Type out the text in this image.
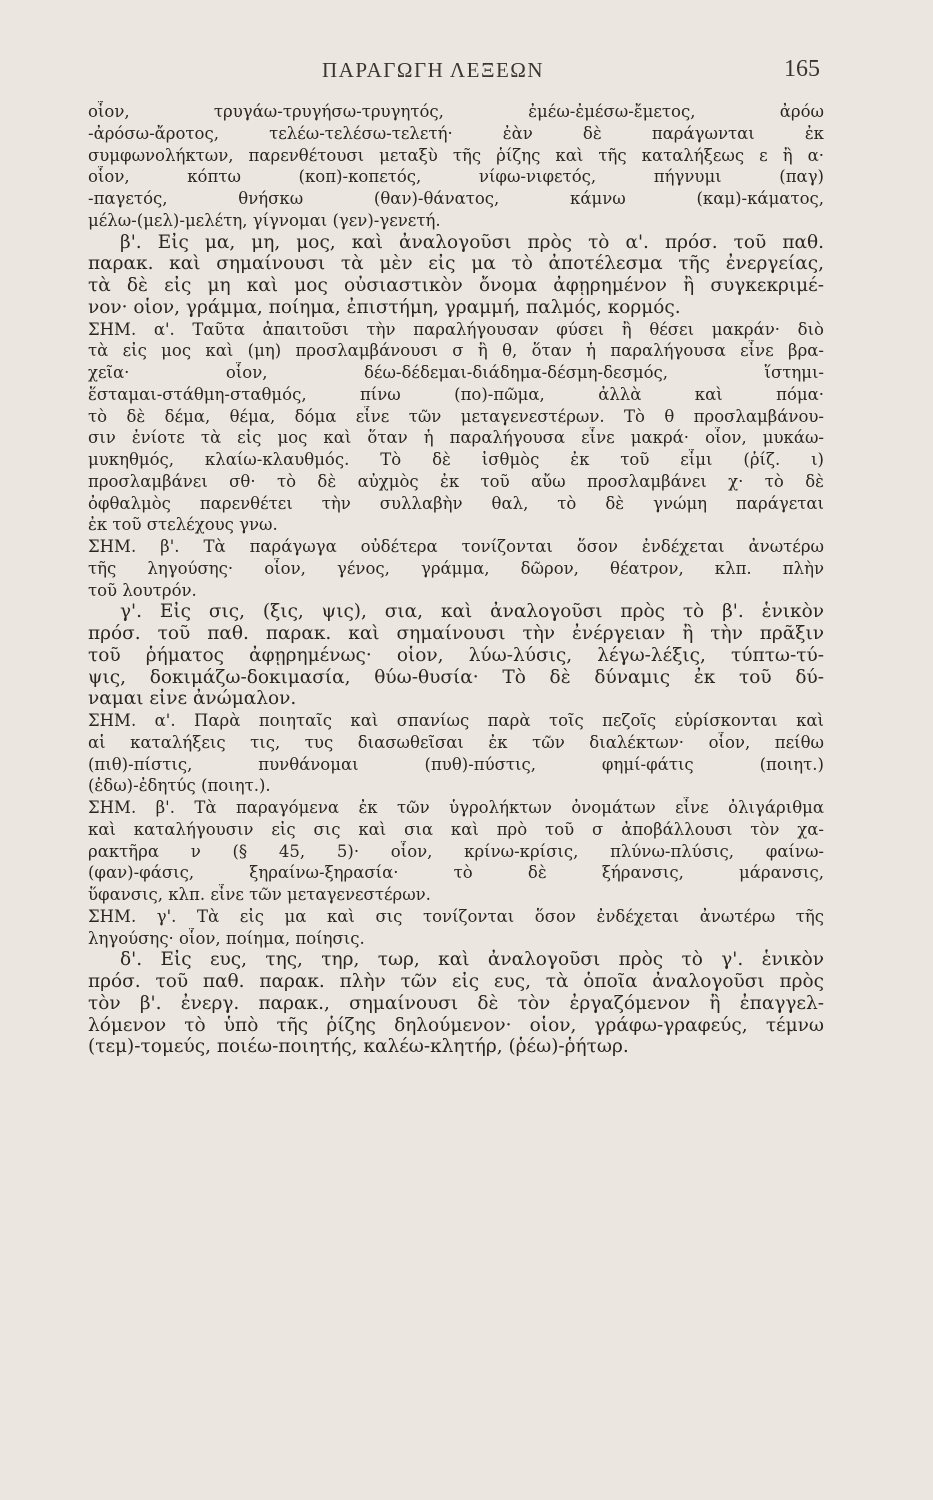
ΠΑΡΑΓΩΓΗ ΛΕΞΕΩΝ	165
οἶον, τρυγάω-τρυγήσω-τρυγητός, ἐμέω-ἐμέσω-ἔμετος, ἀρόω
-ἀρόσω-ἄροτος, τελέω-τελέσω-τελετή· ἐὰν δὲ παράγωνται ἐκ
συμφωνολήκτων, παρενθέτουσι μεταξὺ τῆς ῥίζης καὶ τῆς καταλήξεως ε ἢ α·
οἷον, κόπτω (κοπ)-κοπετός, νίφω-νιφετός, πήγνυμι (παγ)
-παγετός, θνήσκω (θαν)-θάνατος, κάμνω (καμ)-κάματος,
μέλω-(μελ)-μελέτη, γίγνομαι (γεν)-γενετή.
β'. Εἰς μα, μη, μος, καὶ ἀναλογοῦσι πρὸς τὸ α'. πρόσ. τοῦ παθ.
παρακ. καὶ σημαίνουσι τὰ μὲν εἰς μα τὸ ἀποτέλεσμα τῆς ἐνεργείας,
τὰ δὲ εἰς μη καὶ μος οὐσιαστικὸν ὄνομα ἀφῃρημένον ἢ συγκεκριμέ-
νον· οἷον, γράμμα, ποίημα, ἐπιστήμη, γραμμή, παλμός, κορμός.
ΣΗΜ. α'. Ταῦτα ἀπαιτοῦσι τὴν παραλήγουσαν φύσει ἢ θέσει μακράν· διὸ
τὰ εἰς μος καὶ (μη) προσλαμβάνουσι σ ἢ θ, ὅταν ἡ παραλήγουσα εἶνε βρα-
χεῖα· οἷον, δέω-δέδεμαι-διάδημα-δέσμη-δεσμός, ἵστημι-
ἕσταμαι-στάθμη-σταθμός, πίνω (πο)-πῶμα, ἀλλὰ καὶ πόμα·
τὸ δὲ δέμα, θέμα, δόμα εἶνε τῶν μεταγενεστέρων. Τὸ θ προσλαμβάνου-
σιν ἐνίοτε τὰ εἰς μος καὶ ὅταν ἡ παραλήγουσα εἶνε μακρά· οἷον, μυκάω-
μυκηθμός, κλαίω-κλαυθμός. Τὸ δὲ ἰσθμὸς ἐκ τοῦ εἶμι (ῥίζ. ι)
προσλαμβάνει σθ· τὸ δὲ αὐχμὸς ἐκ τοῦ αὔω προσλαμβάνει χ· τὸ δὲ
ὀφθαλμὸς παρενθέτει τὴν συλλαβὴν θαλ, τὸ δὲ γνώμη παράγεται
ἐκ τοῦ στελέχους γνω.
ΣΗΜ. β'. Τὰ παράγωγα οὐδέτερα τονίζονται ὅσον ἐνδέχεται ἀνωτέρω
τῆς ληγούσης· οἷον, γένος, γράμμα, δῶρον, θέατρον, κλπ. πλὴν
τοῦ λουτρόν.
γ'. Εἰς σις, (ξις, ψις), σια, καὶ ἀναλογοῦσι πρὸς τὸ β'. ἑνικὸν
πρόσ. τοῦ παθ. παρακ. καὶ σημαίνουσι τὴν ἐνέργειαν ἢ τὴν πρᾶξιν
τοῦ ῥήματος ἀφῃρημένως· οἷον, λύω-λύσις, λέγω-λέξις, τύπτω-τύ-
ψις, δοκιμάζω-δοκιμασία, θύω-θυσία· Τὸ δὲ δύναμις ἐκ τοῦ δύ-
ναμαι εἶνε ἀνώμαλον.
ΣΗΜ. α'. Παρὰ ποιηταῖς καὶ σπανίως παρὰ τοῖς πεζοῖς εὑρίσκονται καὶ
αἱ καταλήξεις τις, τυς διασωθεῖσαι ἐκ τῶν διαλέκτων· οἷον, πείθω
(πιθ)-πίστις, πυνθάνομαι (πυθ)-πύστις, φημί-φάτις (ποιητ.)
(ἐδω)-ἐδητύς (ποιητ.).
ΣΗΜ. β'. Τὰ παραγόμενα ἐκ τῶν ὑγρολήκτων ὀνομάτων εἶνε ὀλιγάριθμα
καὶ καταλήγουσιν εἰς σις καὶ σια καὶ πρὸ τοῦ σ ἀποβάλλουσι τὸν χα-
ρακτῆρα ν (§ 45, 5)· οἷον, κρίνω-κρίσις, πλύνω-πλύσις, φαίνω-
(φαν)-φάσις, ξηραίνω-ξηρασία· τὸ δὲ ξήρανσις, μάρανσις,
ὕφανσις, κλπ. εἶνε τῶν μεταγενεστέρων.
ΣΗΜ. γ'. Τὰ εἰς μα καὶ σις τονίζονται ὅσον ἐνδέχεται ἀνωτέρω τῆς
ληγούσης· οἷον, ποίημα, ποίησις.
δ'. Εἰς ευς, της, τηρ, τωρ, καὶ ἀναλογοῦσι πρὸς τὸ γ'. ἑνικὸν
πρόσ. τοῦ παθ. παρακ. πλὴν τῶν εἰς ευς, τὰ ὁποῖα ἀναλογοῦσι πρὸς
τὸν β'. ἐνεργ. παρακ., σημαίνουσι δὲ τὸν ἐργαζόμενον ἢ ἐπαγγελ-
λόμενον τὸ ὑπὸ τῆς ῥίζης δηλούμενον· οἷον, γράφω-γραφεύς, τέμνω
(τεμ)-τομεύς, ποιέω-ποιητής, καλέω-κλητήρ, (ῥέω)-ῥήτωρ.
